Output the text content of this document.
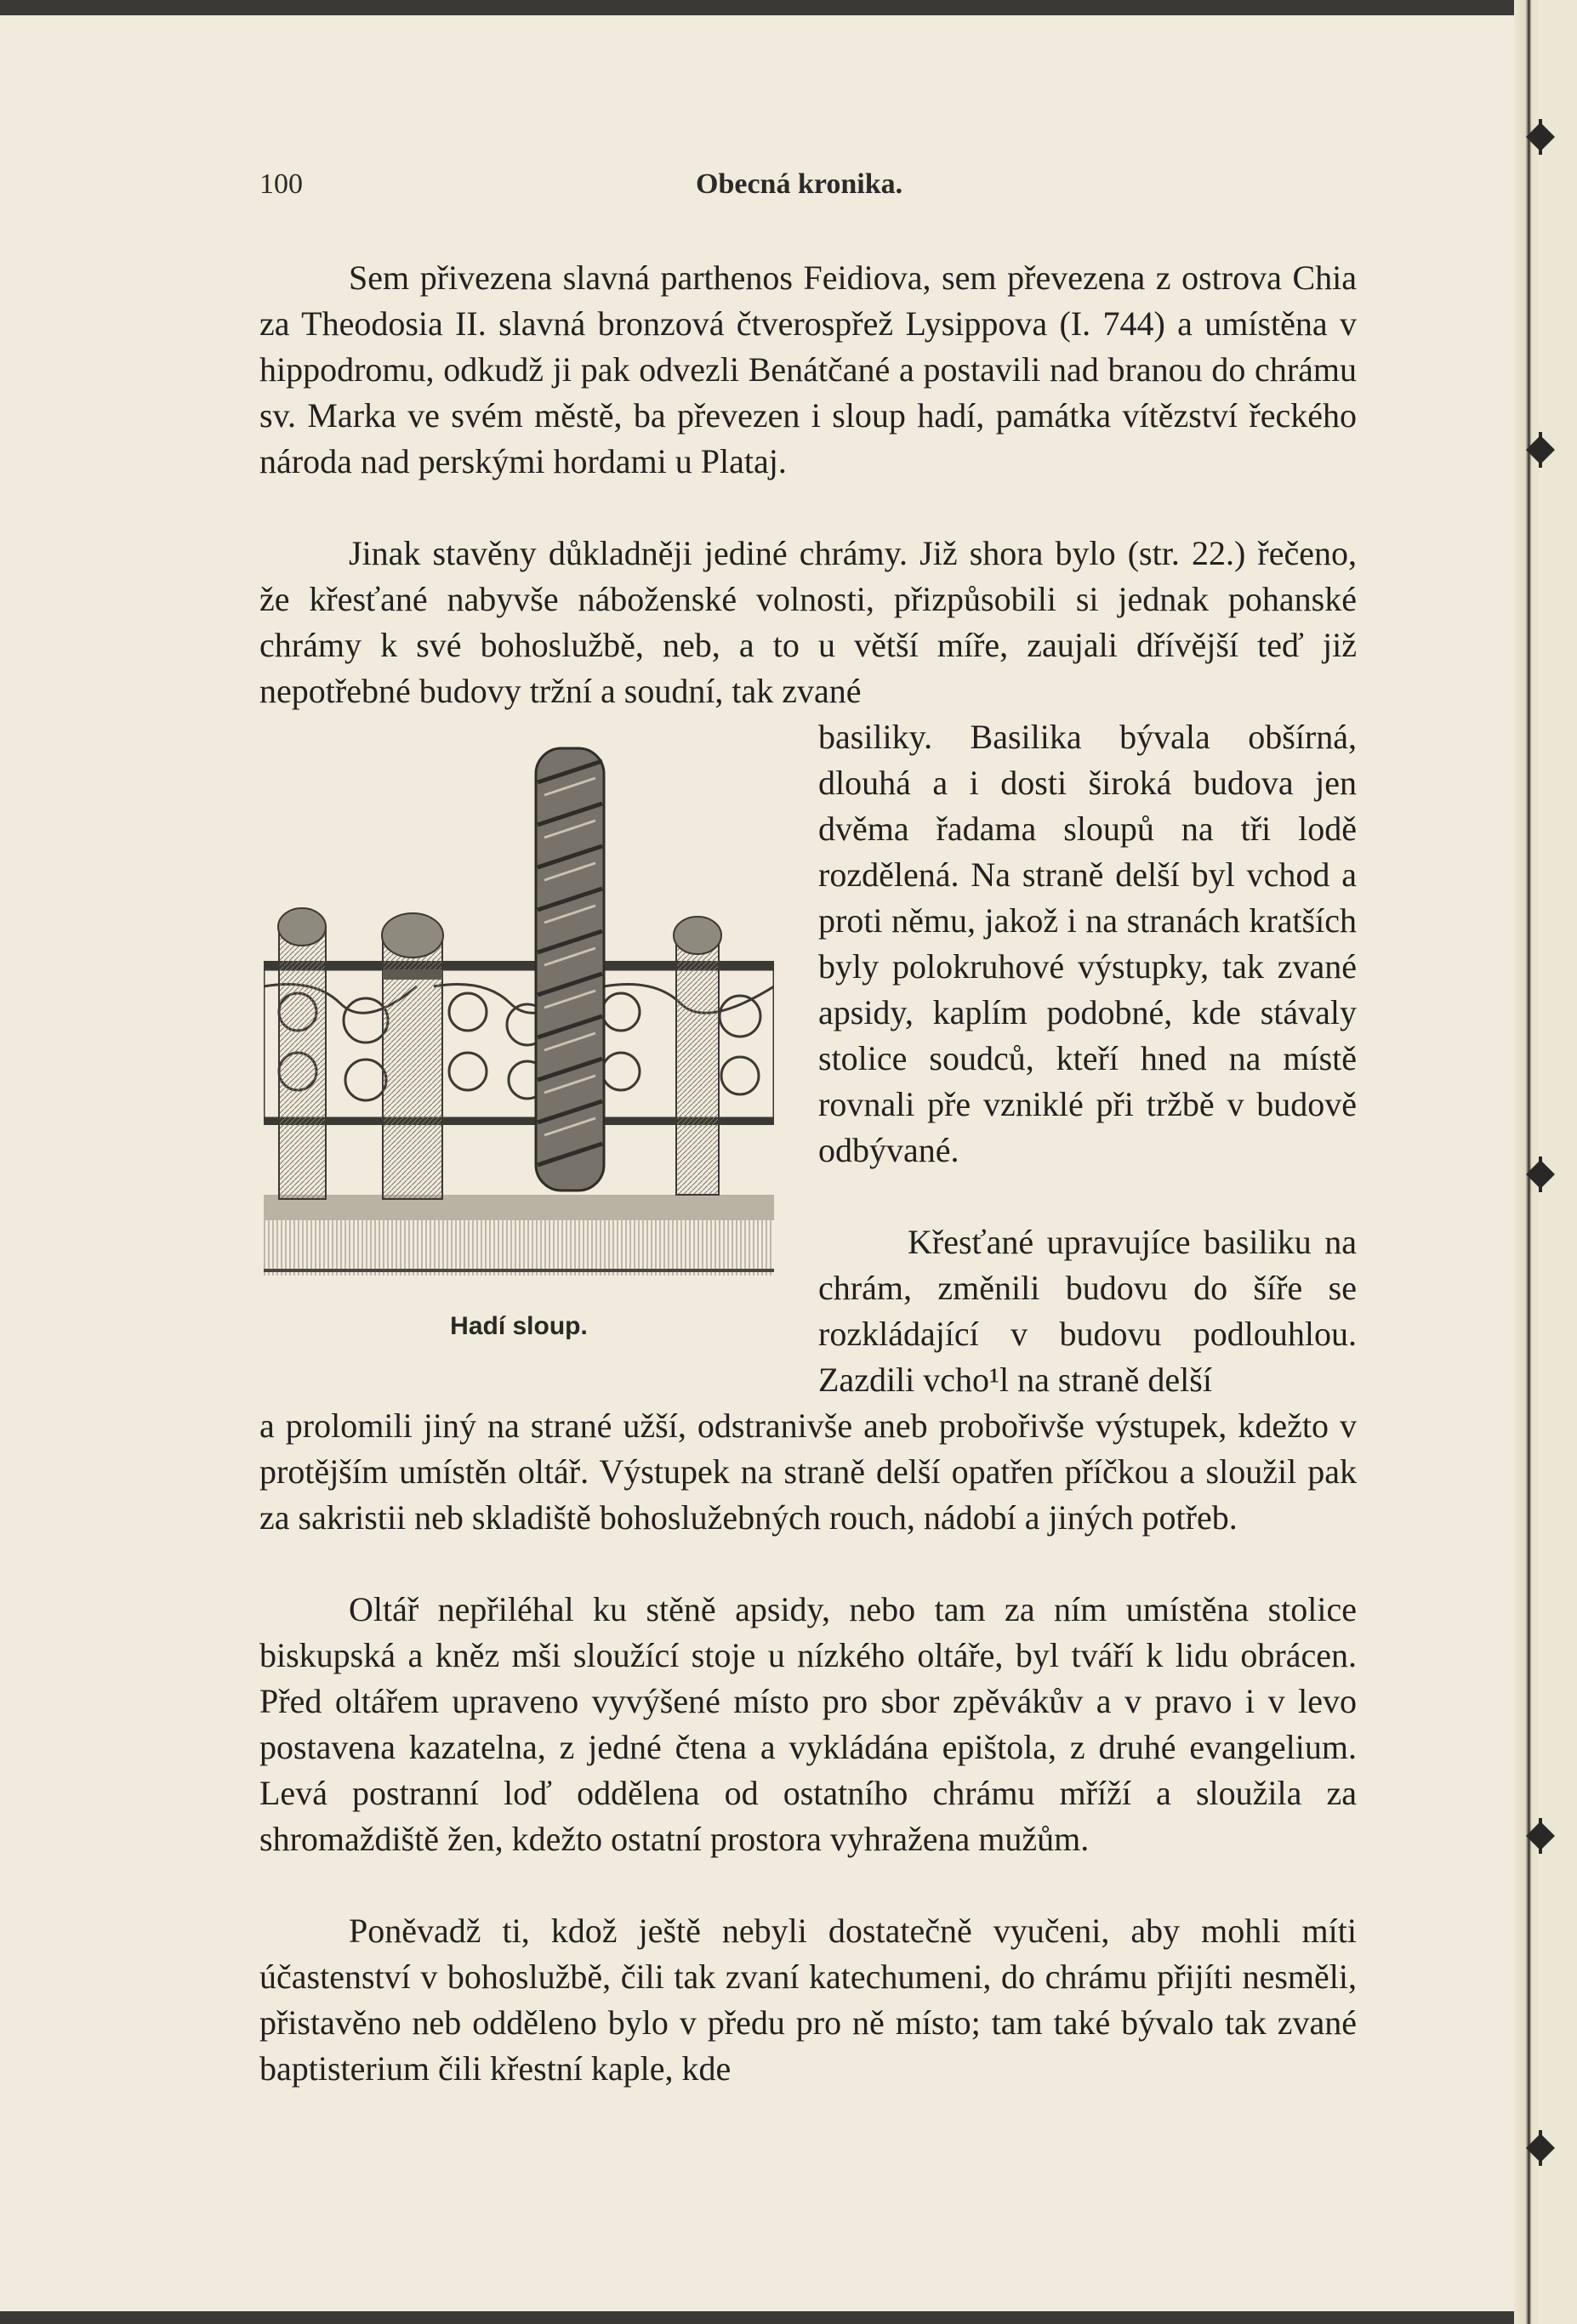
100	Obecná kronika.

Sem přivezena slavná parthenos Feidiova, sem převezena z ostrova Chia za Theodosia II. slavná bronzová čtverospřež Lysippova (I. 744) a umístěna v hippodromu, odkudž ji pak odvezli Benátčané a postavili nad branou do chrámu sv. Marka ve svém městě, ba převezen i sloup hadí, památka vítězství řeckého národa nad perskými hordami u Plataj.

Jinak stavěny důkladněji jediné chrámy. Již shora bylo (str. 22.) řečeno, že křesťané nabyvše náboženské volnosti, přizpůsobili si jednak pohanské chrámy k své bohoslužbě, neb, a to u větší míře, zaujali dřívější teď již nepotřebné budovy tržní a soudní, tak zvané

basiliky. Basilika bývala obšírná, dlouhá a i dosti široká budova jen dvěma řadama sloupů na tři lodě rozdělená. Na straně delší byl vchod a proti němu, jakož i na stranách kratších byly polokruhové výstupky, tak zvané apsidy, kaplím podobné, kde stávaly stolice soudců, kteří hned na místě rovnali pře vzniklé při tržbě v budově odbývané.

Křesťané upravujíce basiliku na chrám, změnili budovu do šíře se rozkládající v budovu podlouhlou. Zazdili vcho¹l na straně delší

a prolomili jiný na strané užší, odstranivše aneb probořivše výstupek, kdežto v protějším umístěn oltář. Výstupek na straně delší opatřen příčkou a sloužil pak za sakristii neb skladiště bohoslužebných rouch, nádobí a jiných potřeb.

Oltář nepřiléhal ku stěně apsidy, nebo tam za ním umístěna stolice biskupská a kněz mši sloužící stoje u nízkého oltáře, byl tváří k lidu obrácen. Před oltářem upraveno vyvýšené místo pro sbor zpěvákův a v pravo i v levo postavena kazatelna, z jedné čtena a vykládána epištola, z druhé evangelium. Levá postranní loď oddělena od ostatního chrámu mříží a sloužila za shromaždiště žen, kdežto ostatní prostora vyhražena mužům.

Poněvadž ti, kdož ještě nebyli dostatečně vyučeni, aby mohli míti účastenství v bohoslužbě, čili tak zvaní katechumeni, do chrámu přijíti nesměli, přistavěno neb odděleno bylo v předu pro ně místo; tam také bývalo tak zvané baptisterium čili křestní kaple, kde

Hadí sloup.
